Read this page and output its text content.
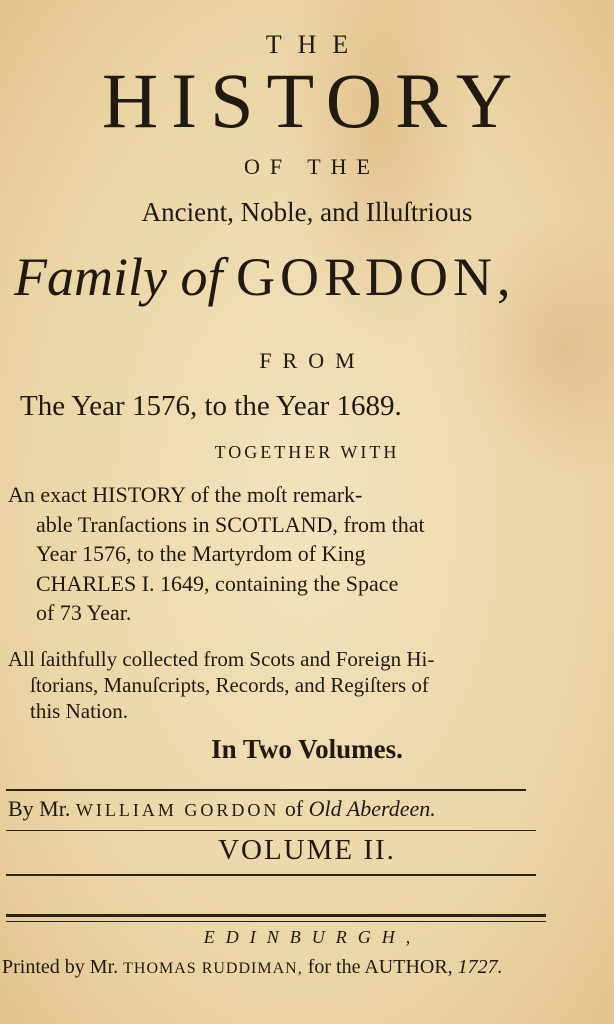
THE
HISTORY
OF THE
Ancient, Noble, and Illuſtrious
Family of GORDON,
FROM
The Year 1576, to the Year 1689.
TOGETHER WITH
An exact HISTORY of the moſt remark-
able Tranſactions in SCOTLAND, from that
Year 1576, to the Martyrdom of King
CHARLES I. 1649, containing the Space
of 73 Year.
All ſaithfully collected from Scots and Foreign Hi-
ſtorians, Manuſcripts, Records, and Regiſters of
this Nation.
In Two Volumes.
By Mr. WILLIAM GORDON of Old Aberdeen.
VOLUME II.
EDINBURGH,
Printed by Mr. THOMAS RUDDIMAN, for the AUTHOR, 1727.
